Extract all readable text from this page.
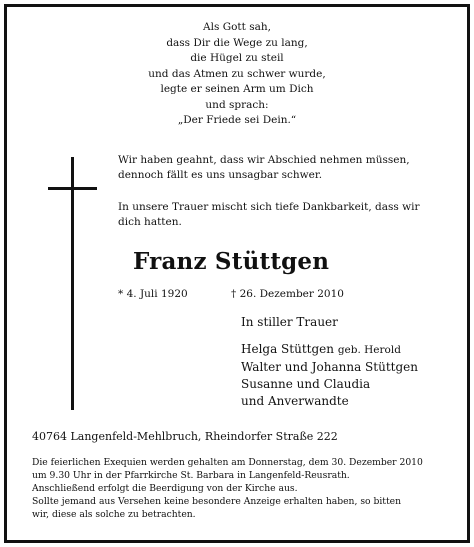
Als Gott sah,
dass Dir die Wege zu lang,
die Hügel zu steil
und das Atmen zu schwer wurde,
legte er seinen Arm um Dich
und sprach:
„Der Friede sei Dein.“
Wir haben geahnt, dass wir Abschied nehmen müssen,
dennoch fällt es uns unsagbar schwer.
In unsere Trauer mischt sich tiefe Dankbarkeit, dass wir
dich hatten.
Franz Stüttgen
* 4. Juli 1920	† 26. Dezember 2010
In stiller Trauer
Helga Stüttgen geb. Herold
Walter und Johanna Stüttgen
Susanne und Claudia
und Anverwandte
40764 Langenfeld-Mehlbruch, Rheindorfer Straße 222
Die feierlichen Exequien werden gehalten am Donnerstag, dem 30. Dezember 2010
um 9.30 Uhr in der Pfarrkirche St. Barbara in Langenfeld-Reusrath.
Anschließend erfolgt die Beerdigung von der Kirche aus.
Sollte jemand aus Versehen keine besondere Anzeige erhalten haben, so bitten
wir, diese als solche zu betrachten.
